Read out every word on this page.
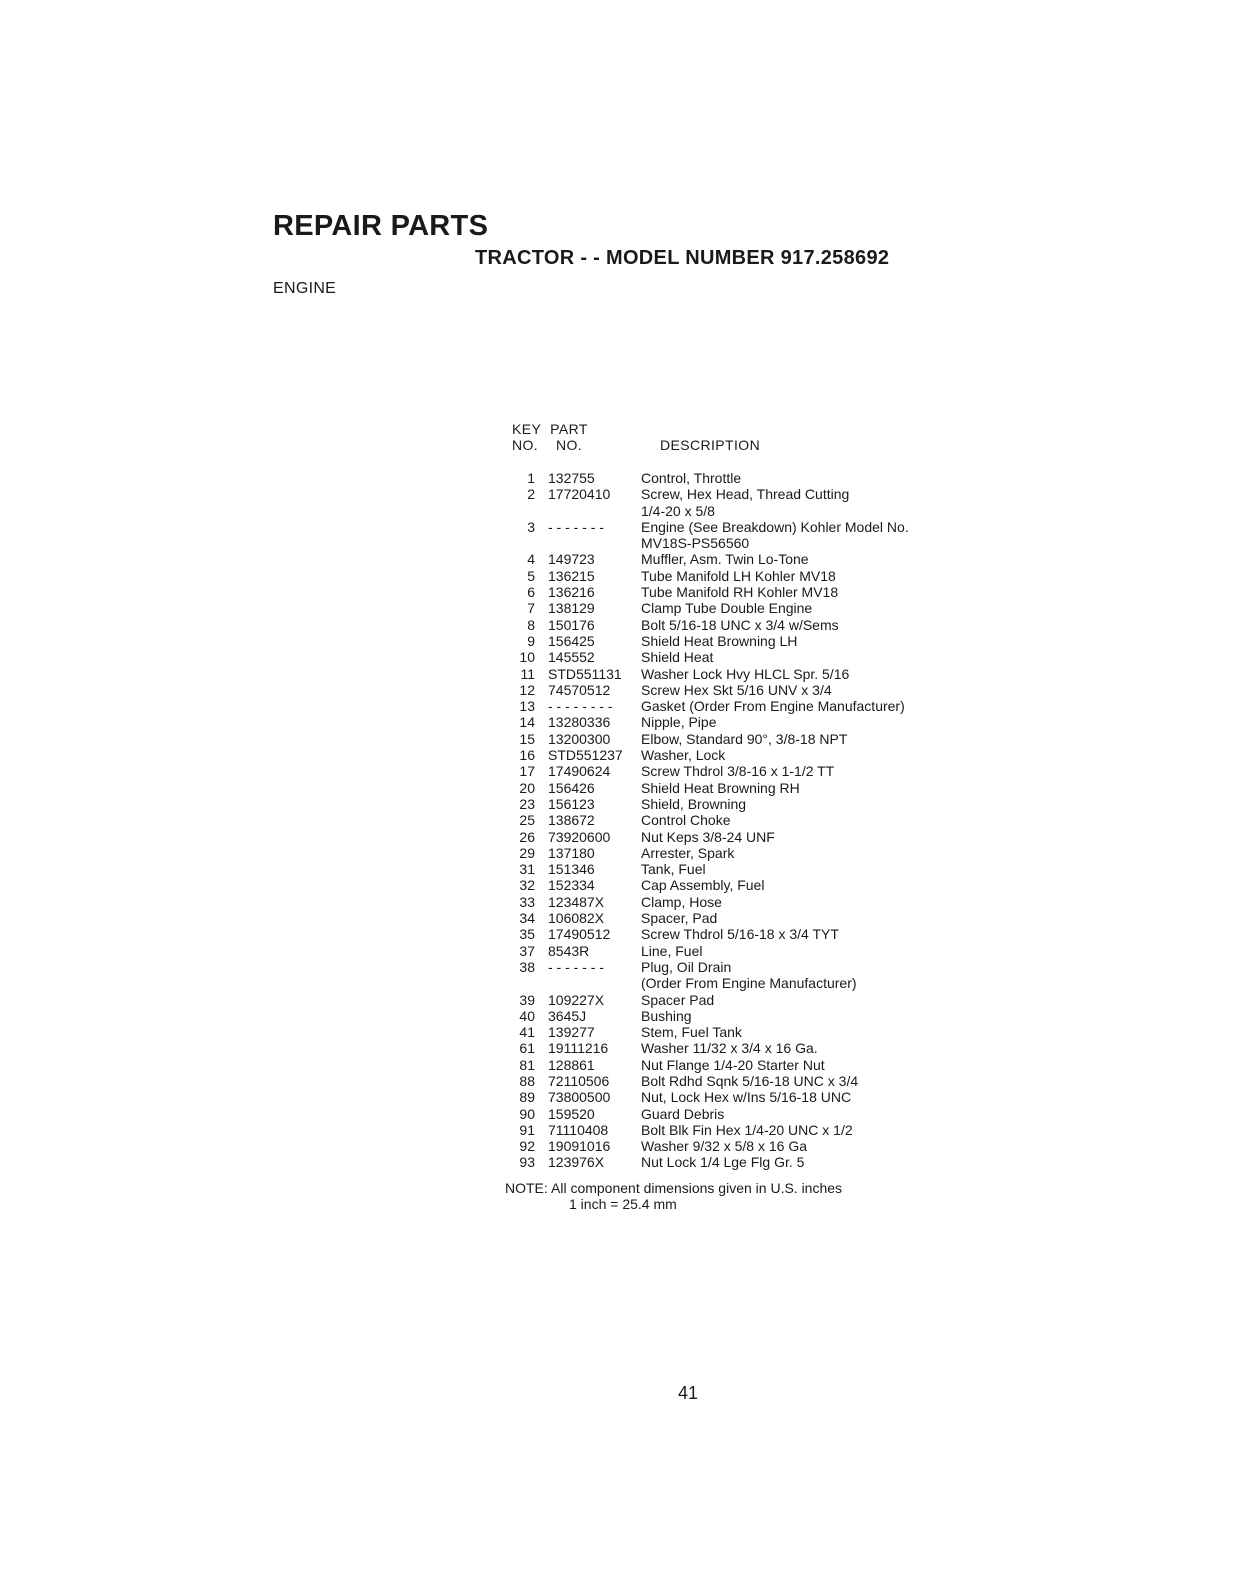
REPAIR PARTS
TRACTOR - - MODEL NUMBER 917.258692
ENGINE
KEY
NO.
PART
NO.	DESCRIPTION
1 132755	Control, Throttle
2 17720410	Screw, Hex Head, Thread Cutting
1/4-20 x 5/8
3 - - - - - - -	Engine (See Breakdown) Kohler Model No.
MV18S-PS56560
4 149723	Muffler, Asm. Twin Lo-Tone
5 136215	Tube Manifold LH Kohler MV18
6 136216	Tube Manifold RH Kohler MV18
7 138129	Clamp Tube Double Engine
8 150176	Bolt 5/16-18 UNC x 3/4 w/Sems
9 156425	Shield Heat Browning LH
10 145552	Shield Heat
11 STD551131	Washer Lock Hvy HLCL Spr. 5/16
12 74570512	Screw Hex Skt 5/16 UNV x 3/4
13 - - - - - - - -	Gasket (Order From Engine Manufacturer)
14 13280336	Nipple, Pipe
15 13200300	Elbow, Standard 90°, 3/8-18 NPT
16 STD551237	Washer, Lock
17 17490624	Screw Thdrol 3/8-16 x 1-1/2 TT
20 156426	Shield Heat Browning RH
23 156123	Shield, Browning
25 138672	Control Choke
26 73920600	Nut Keps 3/8-24 UNF
29 137180	Arrester, Spark
31 151346	Tank, Fuel
32 152334	Cap Assembly, Fuel
33 123487X	Clamp, Hose
34 106082X	Spacer, Pad
35 17490512	Screw Thdrol 5/16-18 x 3/4 TYT
37 8543R	Line, Fuel
38 - - - - - - -	Plug, Oil Drain
(Order From Engine Manufacturer)
39 109227X	Spacer Pad
40 3645J	Bushing
41 139277	Stem, Fuel Tank
61 19111216	Washer 11/32 x 3/4 x 16 Ga.
81 128861	Nut Flange 1/4-20 Starter Nut
88 72110506	Bolt Rdhd Sqnk 5/16-18 UNC x 3/4
89 73800500	Nut, Lock Hex w/Ins 5/16-18 UNC
90 159520	Guard Debris
91 71110408	Bolt Blk Fin Hex 1/4-20 UNC x 1/2
92 19091016	Washer 9/32 x 5/8 x 16 Ga
93 123976X	Nut Lock 1/4 Lge Flg Gr. 5
NOTE: All component dimensions given in U.S. inches
1 inch = 25.4 mm
41
